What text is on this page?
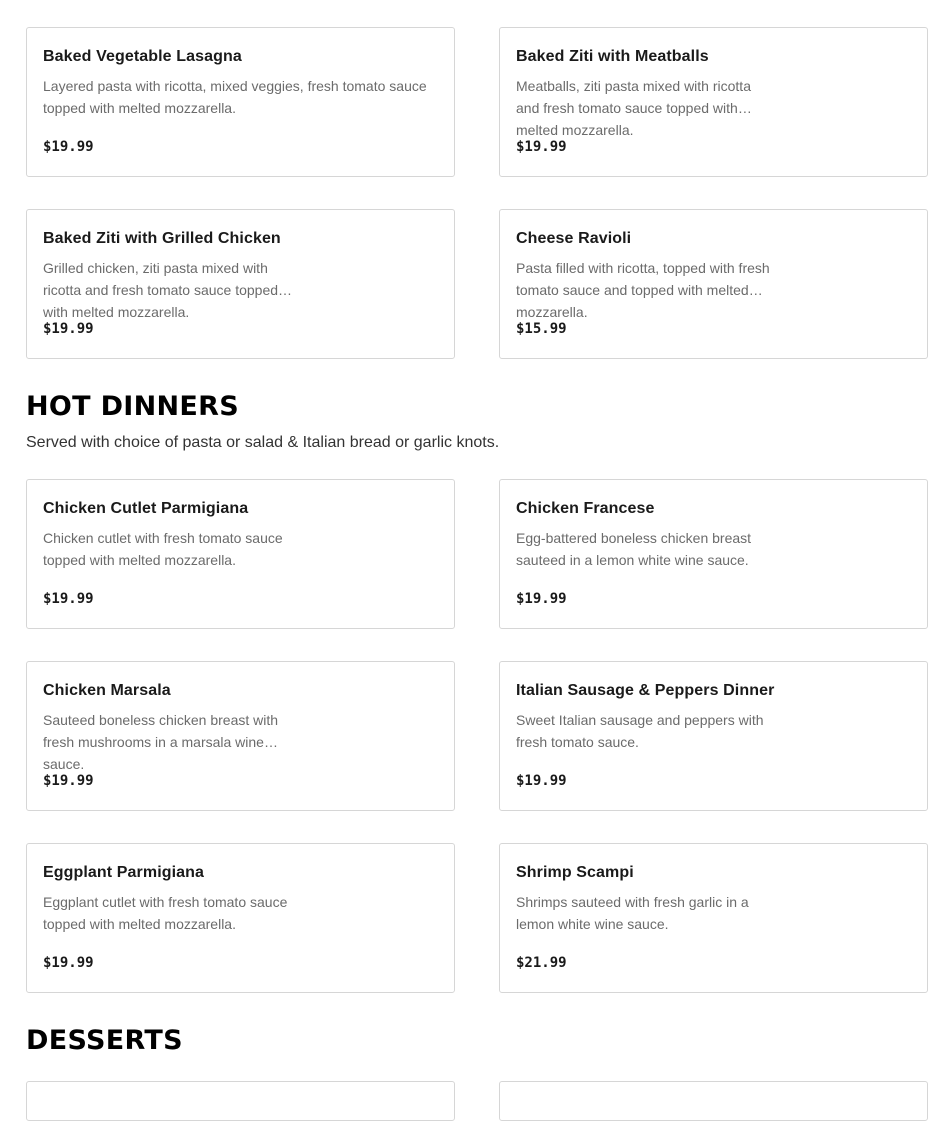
Baked Vegetable Lasagna
Layered pasta with ricotta, mixed veggies, fresh tomato sauce topped with melted mozzarella.
$19.99
Baked Ziti with Meatballs
Meatballs, ziti pasta mixed with ricotta and fresh tomato sauce topped with melted mozzarella.
$19.99
Baked Ziti with Grilled Chicken
Grilled chicken, ziti pasta mixed with ricotta and fresh tomato sauce topped with melted mozzarella.
$19.99
Cheese Ravioli
Pasta filled with ricotta, topped with fresh tomato sauce and topped with melted mozzarella.
$15.99
HOT DINNERS

Served with choice of pasta or salad & Italian bread or garlic knots.

Chicken Cutlet Parmigiana
Chicken cutlet with fresh tomato sauce topped with melted mozzarella.
$19.99
Chicken Francese
Egg-battered boneless chicken breast sauteed in a lemon white wine sauce.
$19.99
Chicken Marsala
Sauteed boneless chicken breast with fresh mushrooms in a marsala wine sauce.
$19.99
Italian Sausage & Peppers Dinner
Sweet Italian sausage and peppers with fresh tomato sauce.
$19.99
Eggplant Parmigiana
Eggplant cutlet with fresh tomato sauce topped with melted mozzarella.
$19.99
Shrimp Scampi
Shrimps sauteed with fresh garlic in a lemon white wine sauce.
$21.99
DESSERTS
